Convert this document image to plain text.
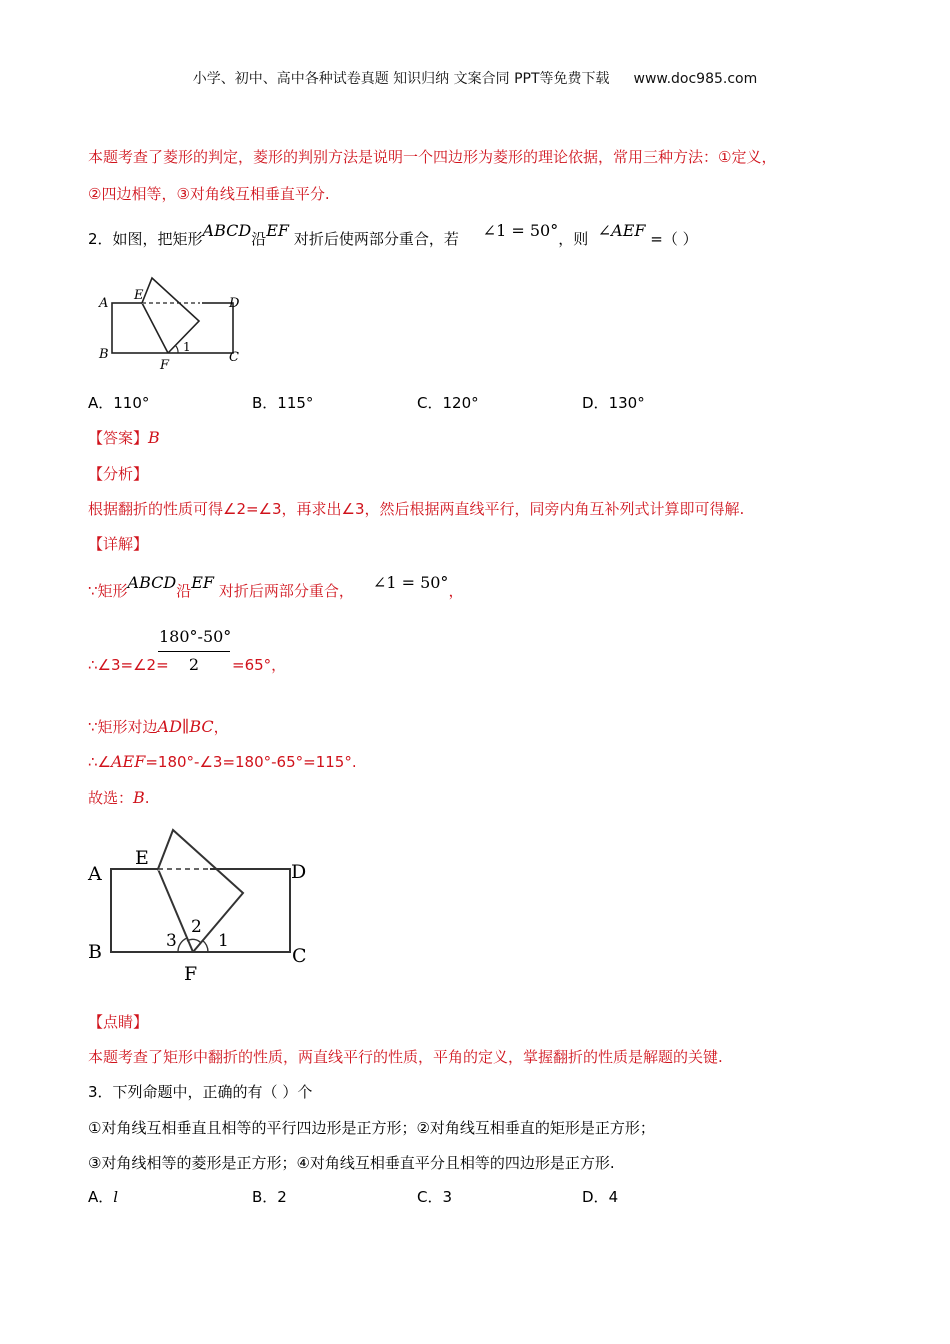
小学、初中、高中各种试卷真题 知识归纳 文案合同 PPT等免费下载 www.doc985.com
本题考查了菱形的判定，菱形的判别方法是说明一个四边形为菱形的理论依据，常用三种方法：①定义，
②四边相等，③对角线互相垂直平分.
2．如图，把矩形ABCD沿EF 对折后使两部分重合，若 ∠1 = 50°，则 ∠AEF =（ ）
A
E
D
B
F
C
1
A．110°	B．115°	C．120°	D．130°
【答案】B
【分析】
根据翻折的性质可得∠2=∠3，再求出∠3，然后根据两直线平行，同旁内角互补列式计算即可得解.
【详解】
∵矩形ABCD沿EF 对折后两部分重合， ∠1 = 50°，
∴∠3=∠2=
180°-50°
2	=65°，
∵矩形对边AD∥BC，
∴∠AEF=180°-∠3=180°-65°=115°.
故选：B.
A
E
D
B
F
C
1
2
3
【点睛】
本题考查了矩形中翻折的性质，两直线平行的性质，平角的定义，掌握翻折的性质是解题的关键.
3．下列命题中，正确的有（ ）个
①对角线互相垂直且相等的平行四边形是正方形；②对角线互相垂直的矩形是正方形；
③对角线相等的菱形是正方形；④对角线互相垂直平分且相等的四边形是正方形.
A．l	B．2	C．3	D．4
